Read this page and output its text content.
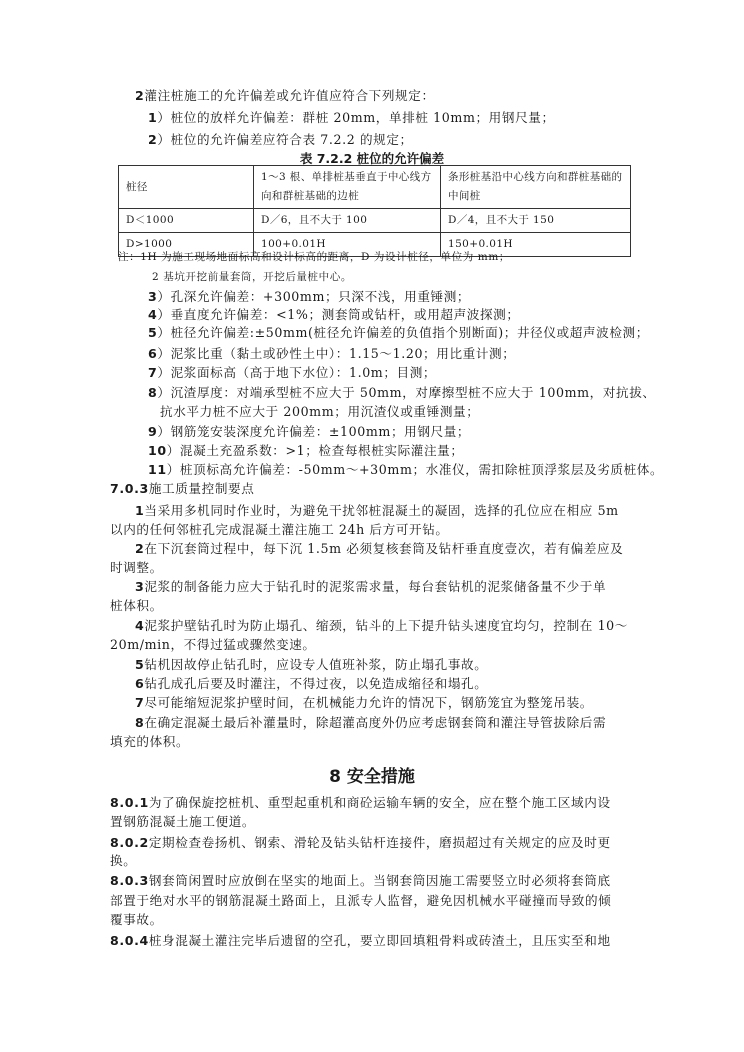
表 7.2.2 桩位的允许偏差
桩径	1～3 根、单排桩基垂直于中心线方向和群桩基础的边桩	条形桩基沿中心线方向和群桩基础的中间桩
D＜1000	D／6，且不大于 100	D／4，且不大于 150
D>1000	100+0.01H	150+0.01H
注：1H 为施工现场地面标高和设计标高的距离，D 为设计桩径，单位为 mm；
2 基坑开挖前量套筒，开挖后量桩中心。
8 安全措施
2灌注桩施工的允许偏差或允许值应符合下列规定：
1）桩位的放样允许偏差：群桩 20mm，单排桩 10mm；用钢尺量；
2）桩位的允许偏差应符合表 7.2.2 的规定；
3）孔深允许偏差：+300mm；只深不浅，用重锤测；
4）垂直度允许偏差：<1%；测套筒或钻杆，或用超声波探测；
5）桩径允许偏差:±50mm(桩径允许偏差的负值指个别断面)；井径仪或超声波检测；
6）泥浆比重（黏土或砂性土中）：1.15～1.20；用比重计测；
7）泥浆面标高（高于地下水位）：1.0m；目测；
8）沉渣厚度：对端承型桩不应大于 50mm，对摩擦型桩不应大于 100mm，对抗拔、
抗水平力桩不应大于 200mm；用沉渣仪或重锤测量；
9）钢筋笼安装深度允许偏差：±100mm；用钢尺量；
10）混凝土充盈系数：>1；检查每根桩实际灌注量；
11）桩顶标高允许偏差：-50mm～+30mm；水准仪，需扣除桩顶浮浆层及劣质桩体。
7.0.3施工质量控制要点
1当采用多机同时作业时，为避免干扰邻桩混凝土的凝固，选择的孔位应在相应 5m
以内的任何邻桩孔完成混凝土灌注施工 24h 后方可开钻。
2在下沉套筒过程中，每下沉 1.5m 必须复核套筒及钻杆垂直度壹次，若有偏差应及
时调整。
3泥浆的制备能力应大于钻孔时的泥浆需求量，每台套钻机的泥浆储备量不少于单
桩体积。
4泥浆护壁钻孔时为防止塌孔、缩颈，钻斗的上下提升钻头速度宜均匀，控制在 10～
20m/min，不得过猛或骤然变速。
5钻机因故停止钻孔时，应设专人值班补浆，防止塌孔事故。
6钻孔成孔后要及时灌注，不得过夜，以免造成缩径和塌孔。
7尽可能缩短泥浆护壁时间，在机械能力允许的情况下，钢筋笼宜为整笼吊装。
8在确定混凝土最后补灌量时，除超灌高度外仍应考虑钢套筒和灌注导管拔除后需
填充的体积。
8.0.1为了确保旋挖桩机、重型起重机和商砼运输车辆的安全，应在整个施工区域内设
置钢筋混凝土施工便道。
8.0.2定期检查卷扬机、钢索、滑轮及钻头钻杆连接件，磨损超过有关规定的应及时更
换。
8.0.3钢套筒闲置时应放倒在坚实的地面上。当钢套筒因施工需要竖立时必须将套筒底
部置于绝对水平的钢筋混凝土路面上，且派专人监督，避免因机械水平碰撞而导致的倾
覆事故。
8.0.4桩身混凝土灌注完毕后遗留的空孔，要立即回填粗骨料或砖渣土，且压实至和地
